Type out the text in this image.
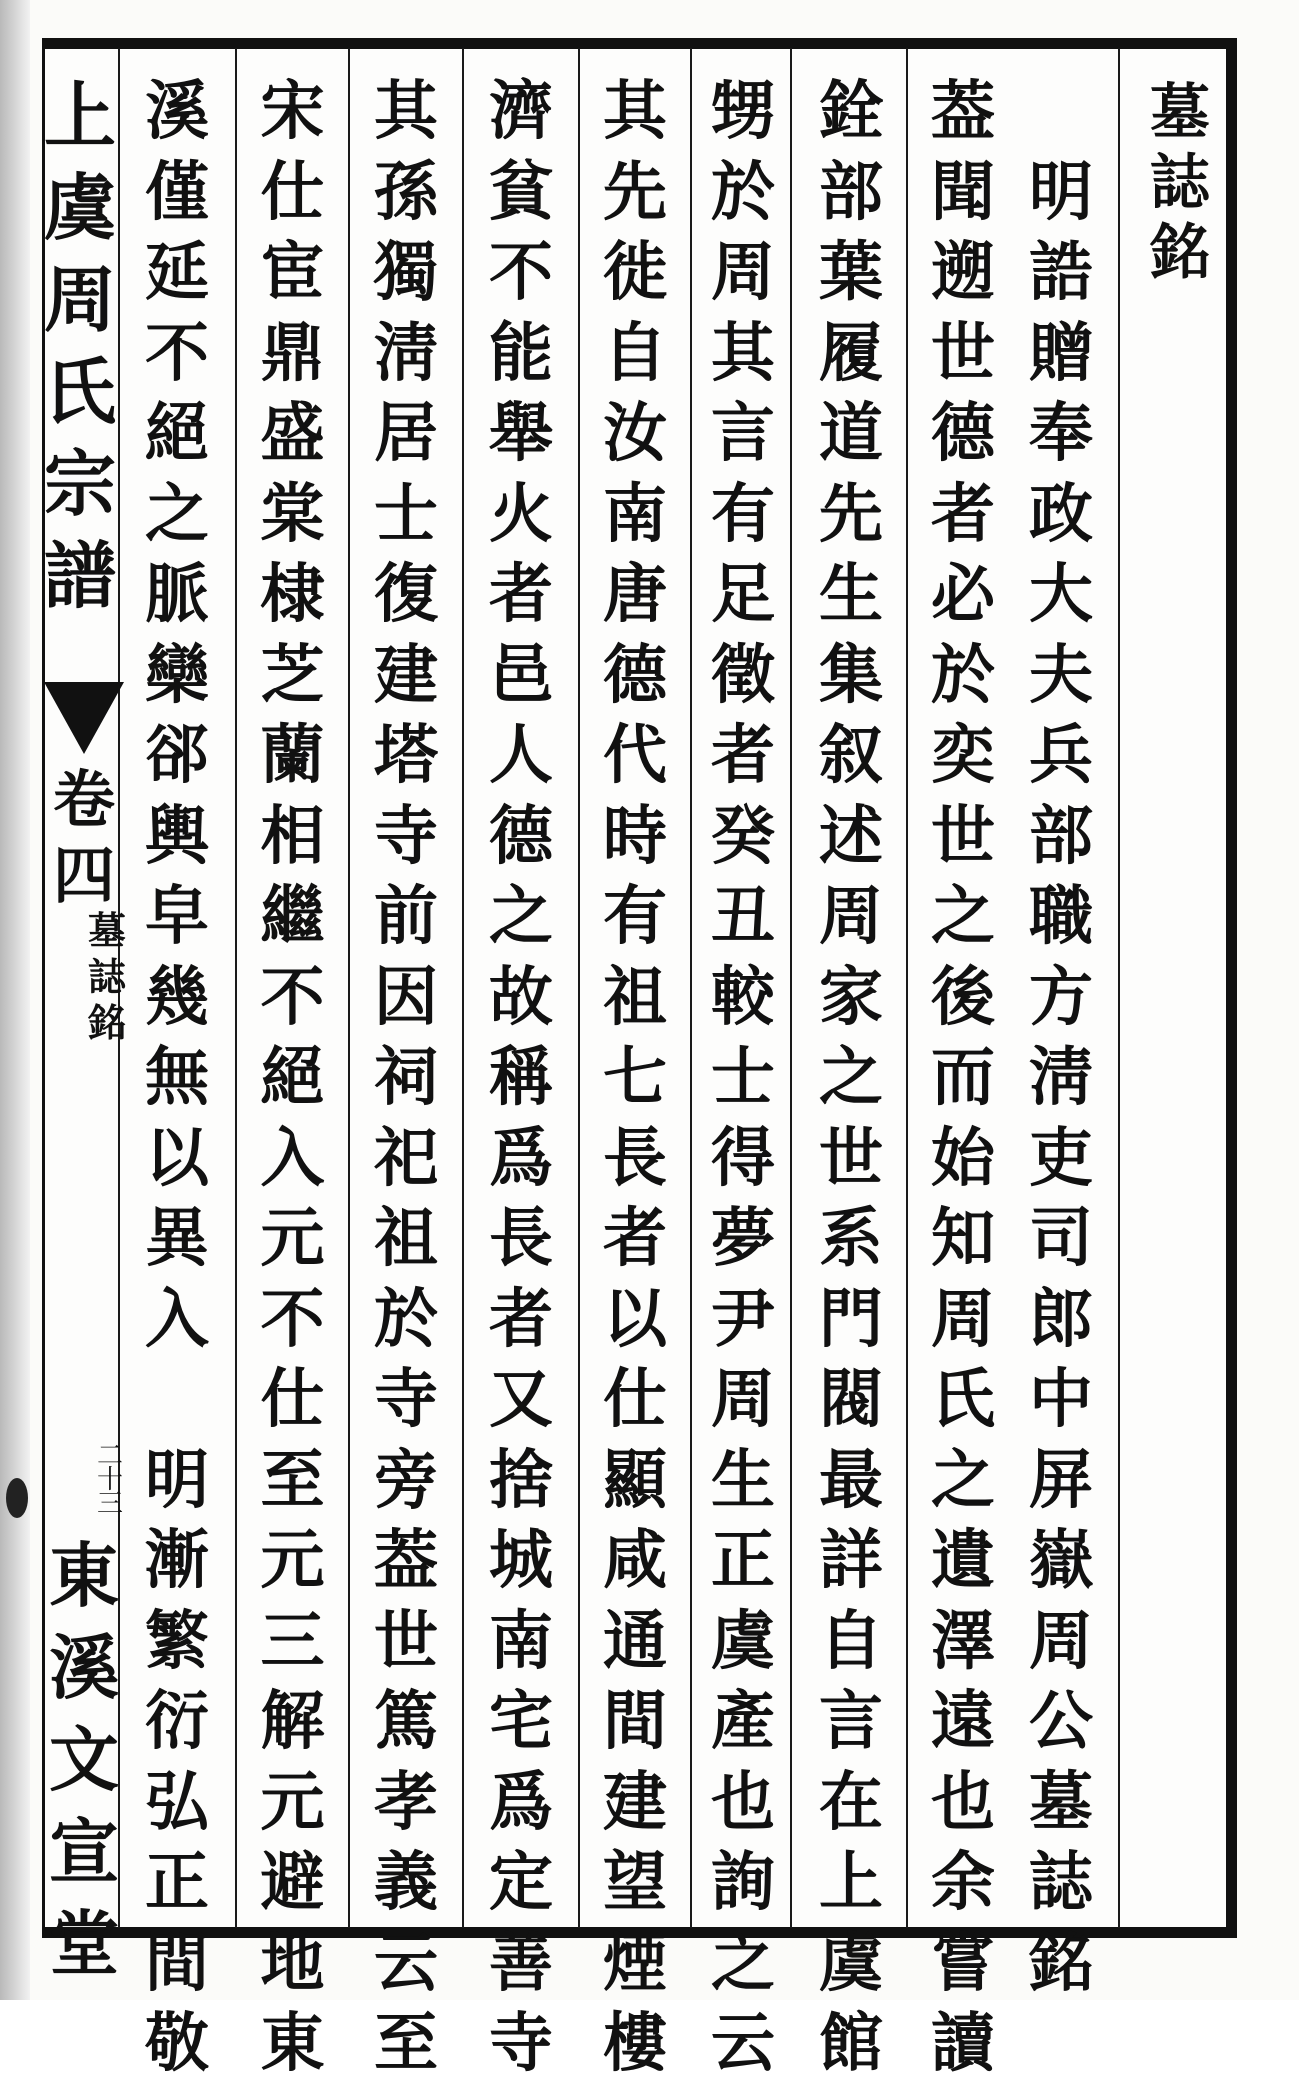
上
虞
周
氏
宗
譜
卷
四
墓
誌
銘
二
十
三
東
溪
文
宣
堂
墓
誌
銘

明
誥
贈
奉
政
大
夫
兵
部
職
方
淸
吏
司
郎
中
屏
嶽
周
公
墓
誌
銘
葢
聞
遡
世
德
者
必
於
奕
世
之
後
而
始
知
周
氏
之
遺
澤
遠
也
余
嘗
讀
銓
部
葉
履
道
先
生
集
叙
述
周
家
之
世
系
門
閥
最
詳
自
言
在
上
虞
館
甥
於
周
其
言
有
足
徵
者
癸
丑
較
士
得
夢
尹
周
生
正
虞
產
也
詢
之
云
其
先
徙
自
汝
南
唐
德
代
時
有
祖
七
長
者
以
仕
顯
咸
通
間
建
望
煙
樓
濟
貧
不
能
舉
火
者
邑
人
德
之
故
稱
爲
長
者
又
捨
城
南
宅
爲
定
善
寺
其
孫
獨
淸
居
士
復
建
塔
寺
前
因
祠
祀
祖
於
寺
旁
葢
世
篤
孝
義
云
至
宋
仕
宦
鼎
盛
棠
棣
芝
蘭
相
繼
不
絕
入
元
不
仕
至
元
三
解
元
避
地
東
溪
僅
延
不
絕
之
脈
欒
郤
輿
皁
幾
無
以
異
入

明
漸
繁
衍
弘
正
間
敬
